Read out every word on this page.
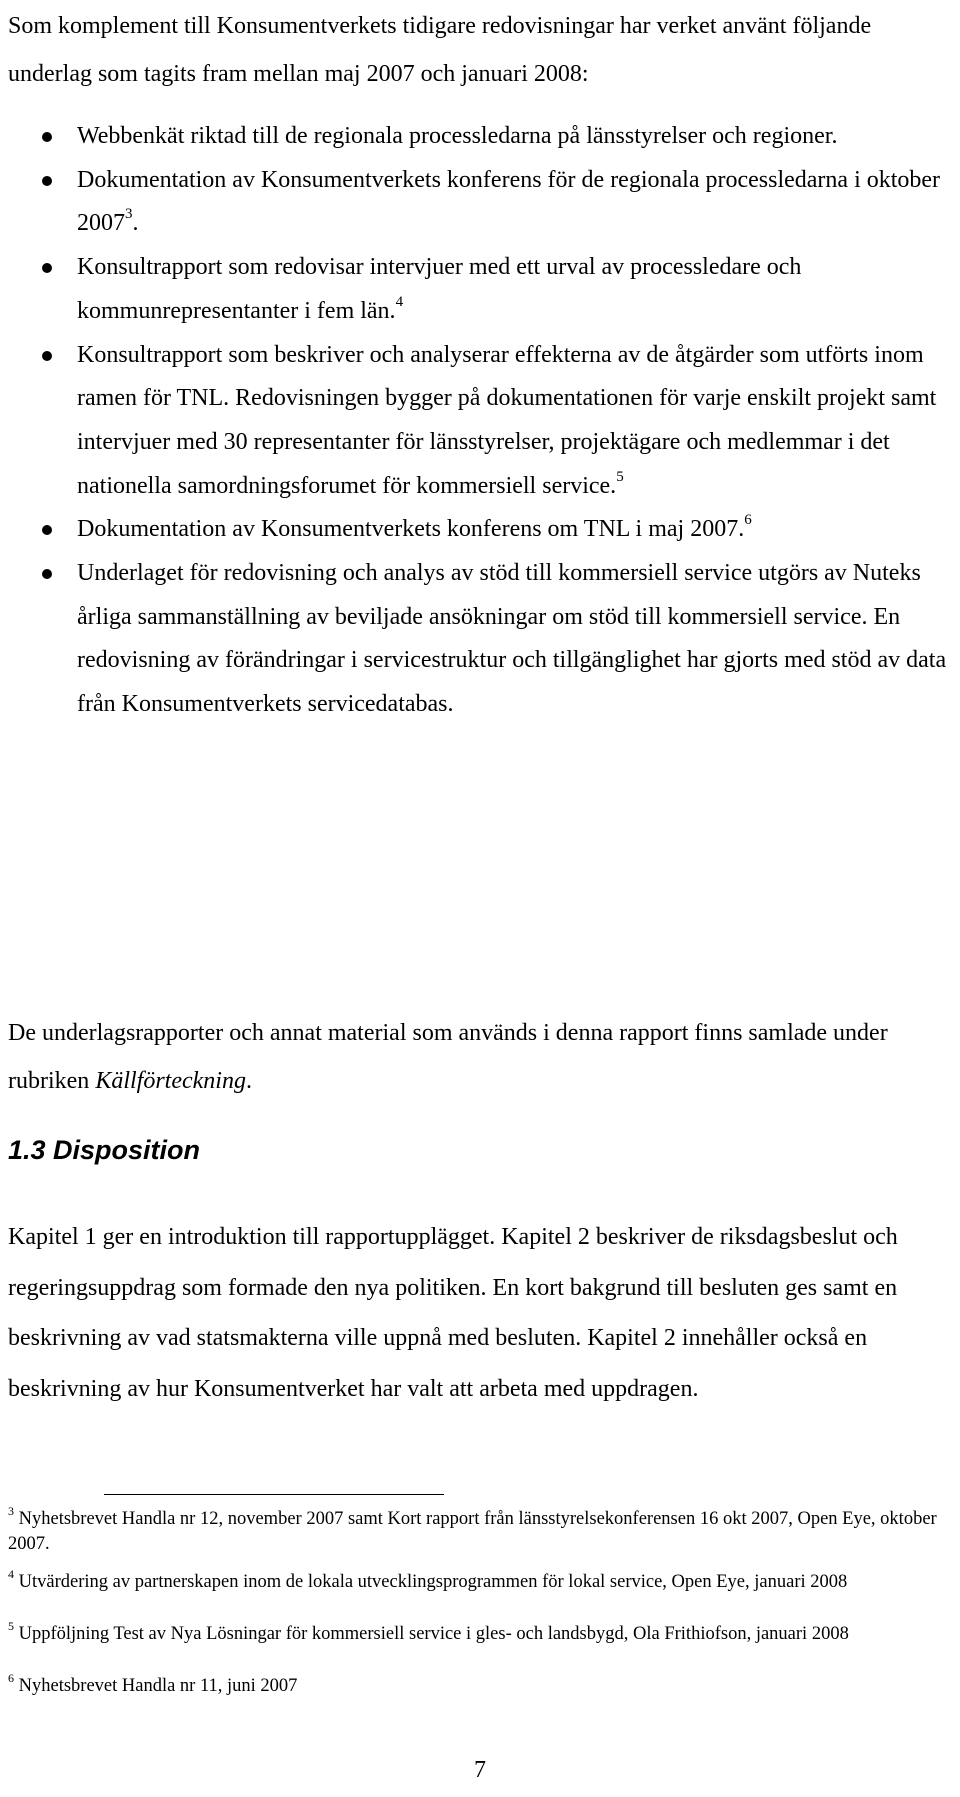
Som komplement till Konsumentverkets tidigare redovisningar har verket använt följande underlag som tagits fram mellan maj 2007 och januari 2008:

Webbenkät riktad till de regionala processledarna på länsstyrelser och regioner.
Dokumentation av Konsumentverkets konferens för de regionala processledarna i oktober 2007$^3$.
Konsultrapport som redovisar intervjuer med ett urval av processledare och kommunrepresentanter i fem län.$^4$
Konsultrapport som beskriver och analyserar effekterna av de åtgärder som utförts inom ramen för TNL. Redovisningen bygger på dokumentationen för varje enskilt projekt samt intervjuer med 30 representanter för länsstyrelser, projektägare och medlemmar i det nationella samordningsforumet för kommersiell service.$^5$
Dokumentation av Konsumentverkets konferens om TNL i maj 2007.$^6$
Underlaget för redovisning och analys av stöd till kommersiell service utgörs av Nuteks årliga sammanställning av beviljade ansökningar om stöd till kommersiell service. En redovisning av förändringar i servicestruktur och tillgänglighet har gjorts med stöd av data från Konsumentverkets servicedatabas.

De underlagsrapporter och annat material som används i denna rapport finns samlade under rubriken Källförteckning.

1.3 Disposition

Kapitel 1 ger en introduktion till rapportupplägget. Kapitel 2 beskriver de riksdagsbeslut och regeringsuppdrag som formade den nya politiken. En kort bakgrund till besluten ges samt en beskrivning av vad statsmakterna ville uppnå med besluten. Kapitel 2 innehåller också en beskrivning av hur Konsumentverket har valt att arbeta med uppdragen.

$^3$ Nyhetsbrevet Handla nr 12, november 2007 samt Kort rapport från länsstyrelsekonferensen 16 okt 2007, Open Eye, oktober 2007.

$^4$ Utvärdering av partnerskapen inom de lokala utvecklingsprogrammen för lokal service, Open Eye, januari 2008

$^5$ Uppföljning Test av Nya Lösningar för kommersiell service i gles- och landsbygd, Ola Frithiofson, januari 2008

$^6$ Nyhetsbrevet Handla nr 11, juni 2007

7
